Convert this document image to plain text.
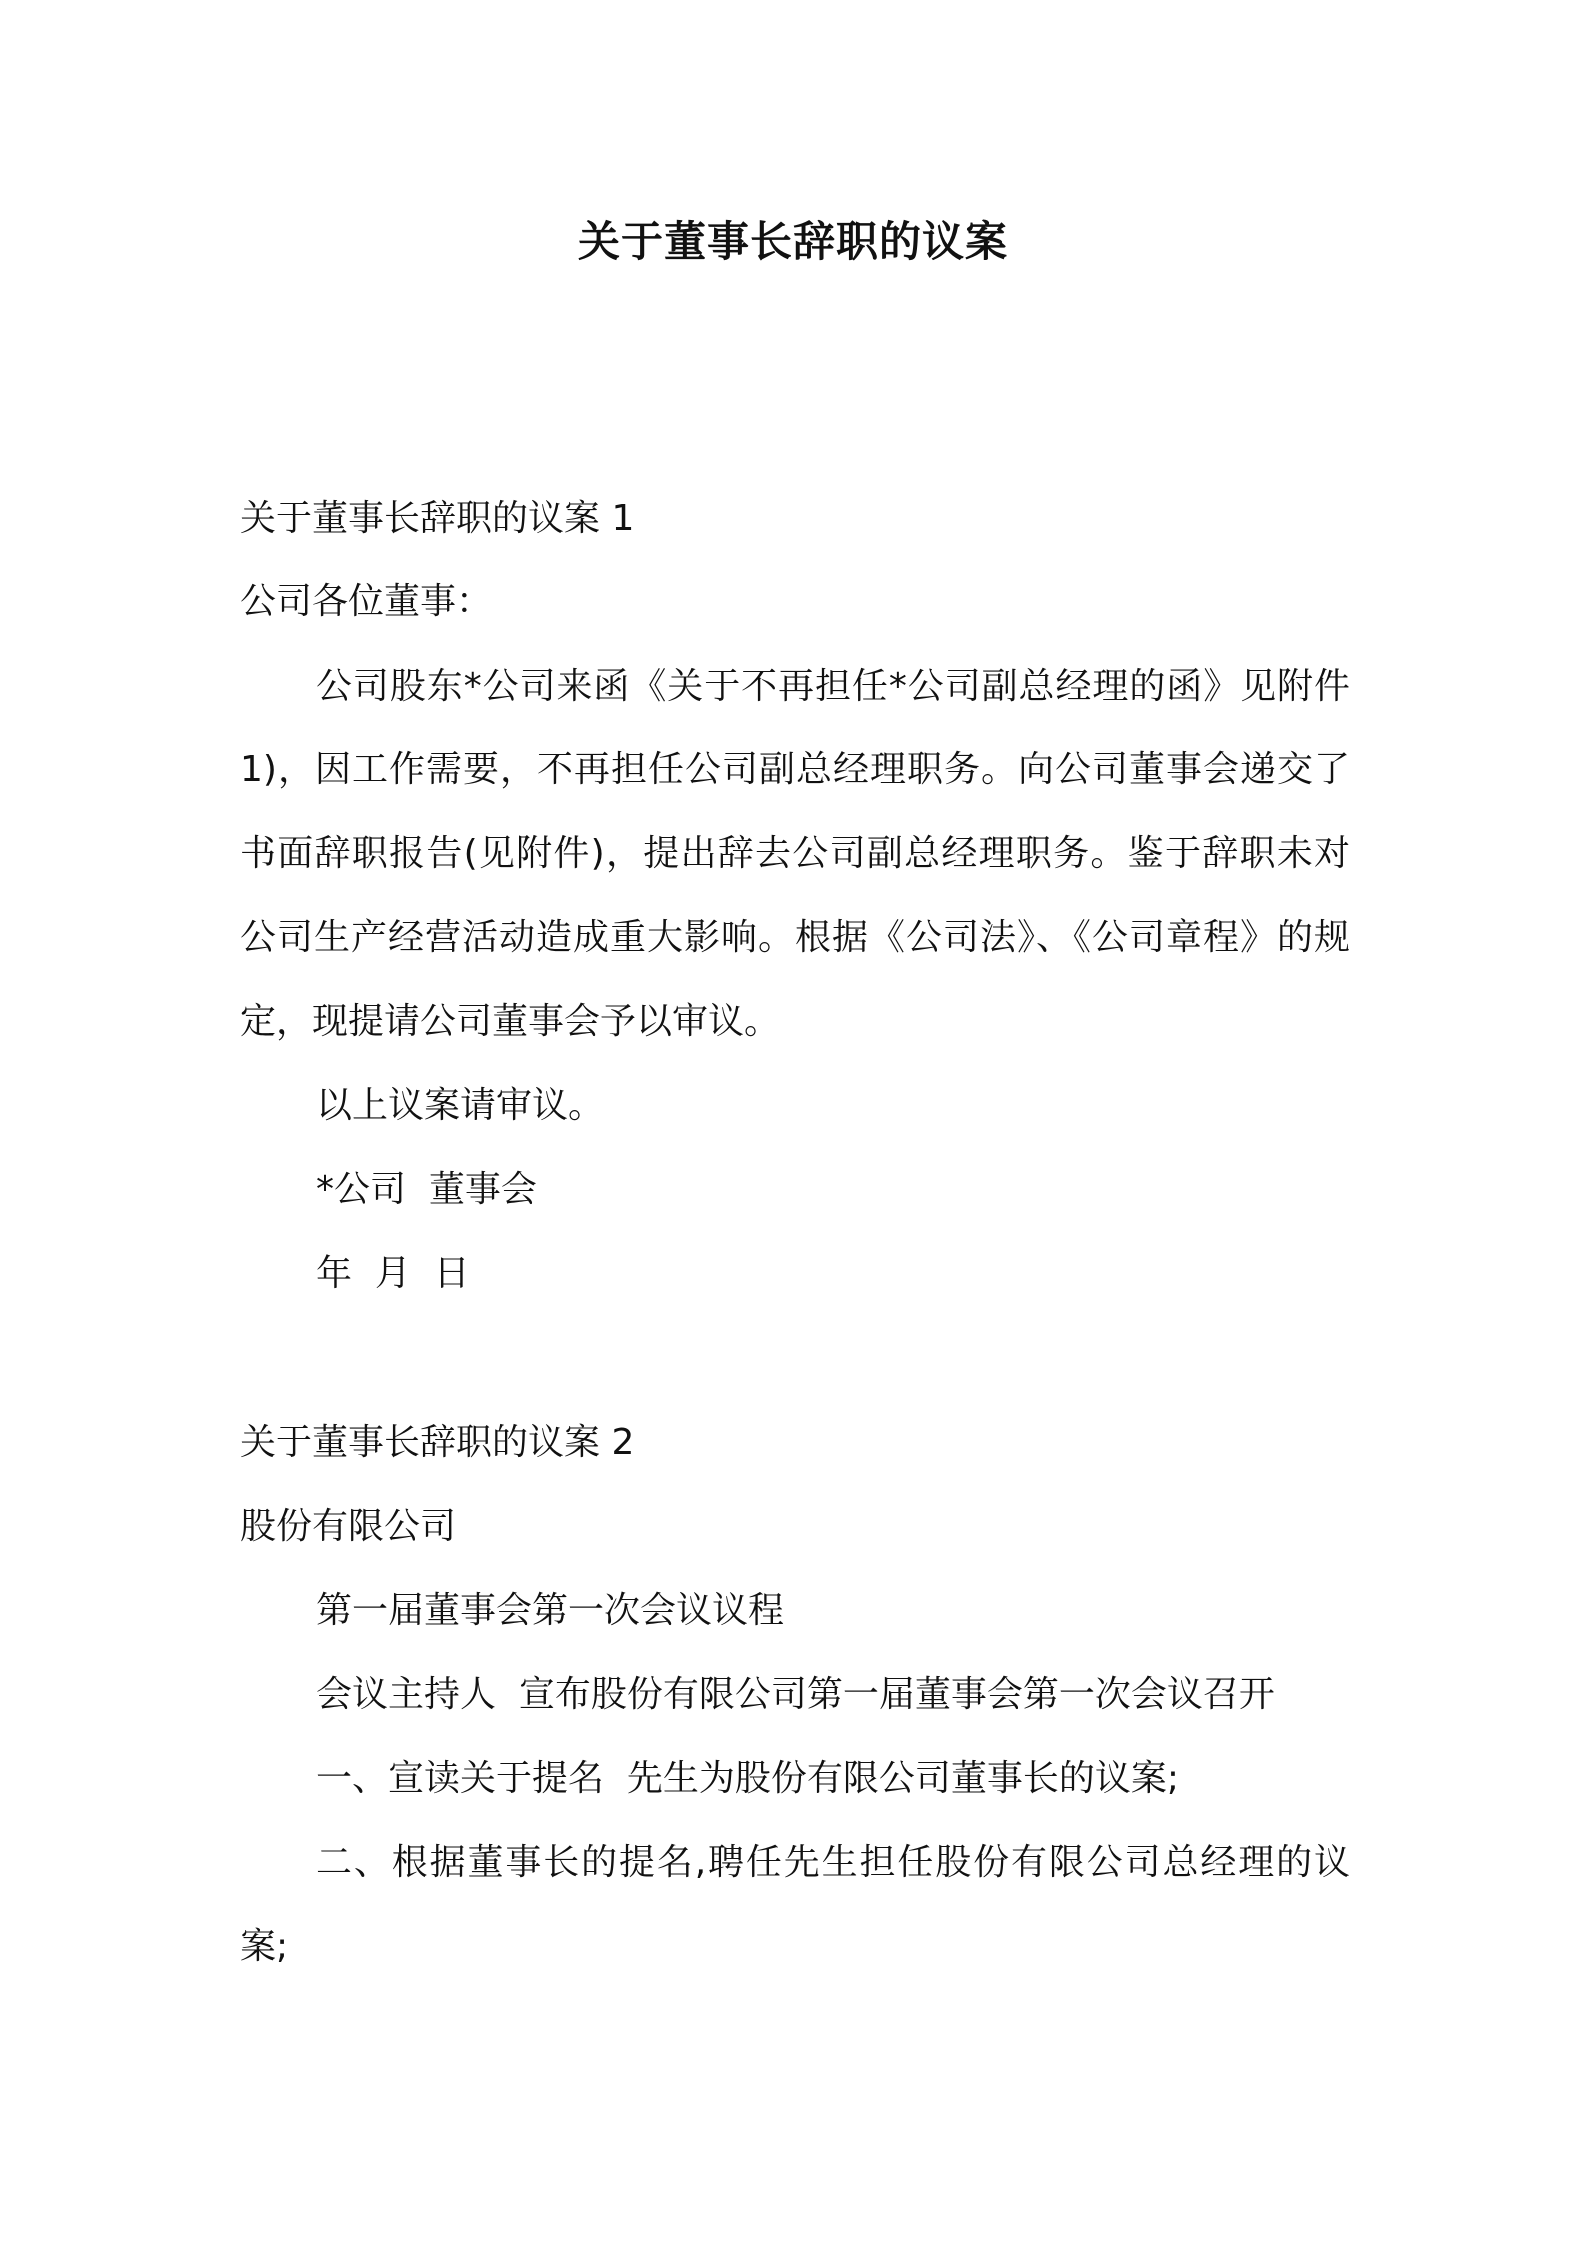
关于董事长辞职的议案
关于董事长辞职的议案 1
公司各位董事：
公司股东*公司来函《关于不再担任*公司副总经理的函》见附件
1)，因工作需要，不再担任公司副总经理职务。向公司董事会递交了
书面辞职报告(见附件)，提出辞去公司副总经理职务。鉴于辞职未对
公司生产经营活动造成重大影响。根据《公司法》、《公司章程》的规
定，现提请公司董事会予以审议。
以上议案请审议。
*公司  董事会
年  月  日
关于董事长辞职的议案 2
股份有限公司
第一届董事会第一次会议议程
会议主持人  宣布股份有限公司第一届董事会第一次会议召开
一、宣读关于提名  先生为股份有限公司董事长的议案;
二、根据董事长的提名,聘任先生担任股份有限公司总经理的议
案;
